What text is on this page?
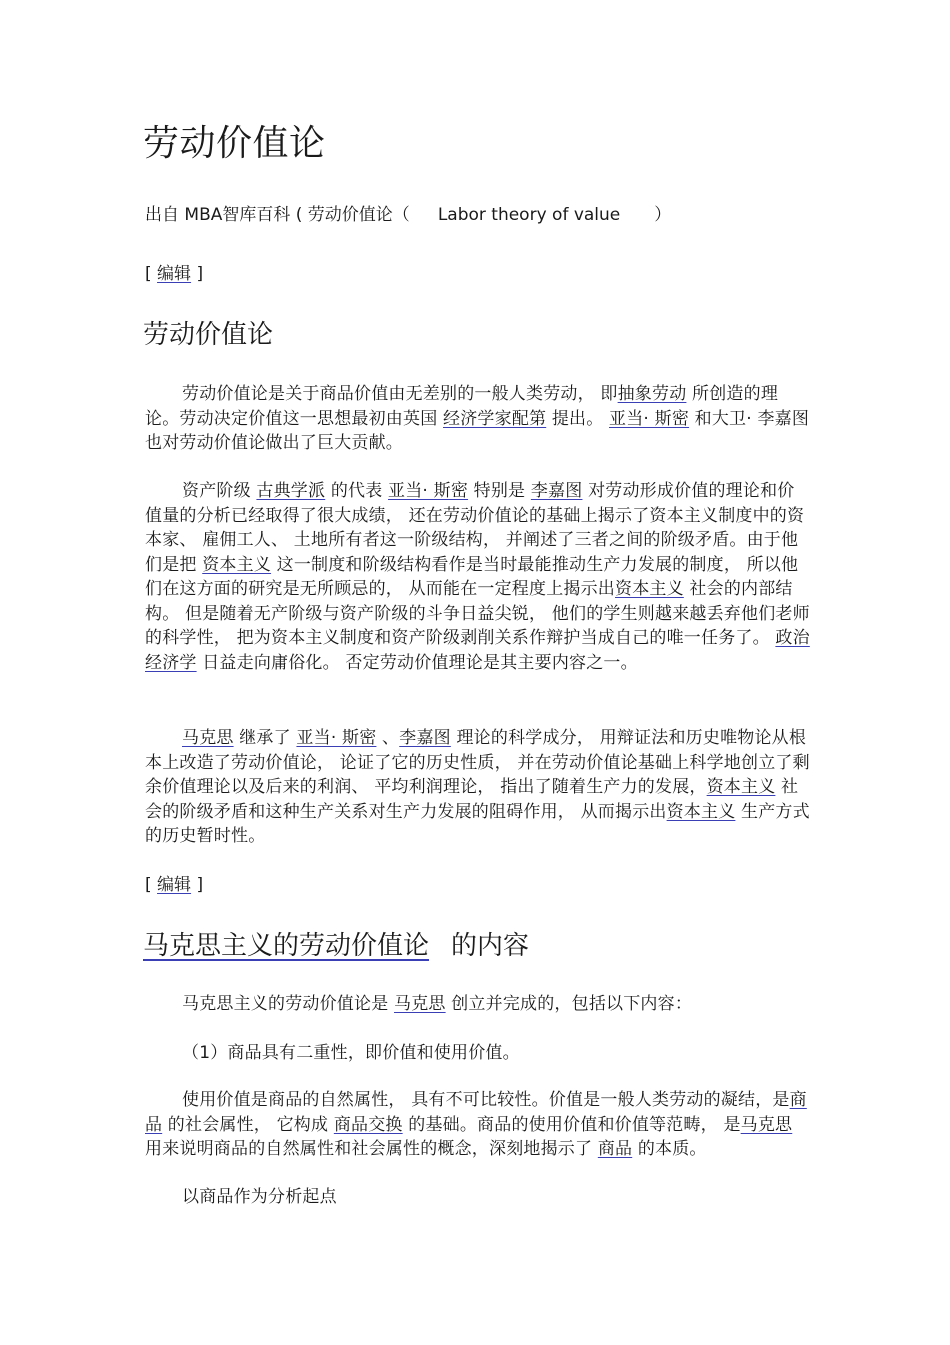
劳动价值论
出自 MBA智库百科 ( 劳动价值论（ Labor theory of value ）
[ 编辑 ]
劳动价值论
劳动价值论是关于商品价值由无差别的一般人类劳动， 即抽象劳动 所创造的理论。劳动决定价值这一思想最初由英国 经济学家配第 提出。 亚当· 斯密 和大卫· 李嘉图也对劳动价值论做出了巨大贡献。
资产阶级 古典学派 的代表 亚当· 斯密 特别是 李嘉图 对劳动形成价值的理论和价值量的分析已经取得了很大成绩， 还在劳动价值论的基础上揭示了资本主义制度中的资本家、 雇佣工人、 土地所有者这一阶级结构， 并阐述了三者之间的阶级矛盾。由于他们是把 资本主义 这一制度和阶级结构看作是当时最能推动生产力发展的制度， 所以他们在这方面的研究是无所顾忌的， 从而能在一定程度上揭示出资本主义 社会的内部结构。 但是随着无产阶级与资产阶级的斗争日益尖锐， 他们的学生则越来越丢弃他们老师的科学性， 把为资本主义制度和资产阶级剥削关系作辩护当成自己的唯一任务了。 政治经济学 日益走向庸俗化。 否定劳动价值理论是其主要内容之一。
马克思 继承了 亚当· 斯密 、李嘉图 理论的科学成分， 用辩证法和历史唯物论从根本上改造了劳动价值论， 论证了它的历史性质， 并在劳动价值论基础上科学地创立了剩余价值理论以及后来的利润、 平均利润理论， 指出了随着生产力的发展，资本主义 社会的阶级矛盾和这种生产关系对生产力发展的阻碍作用， 从而揭示出资本主义 生产方式的历史暂时性。
[ 编辑 ]
马克思主义的劳动价值论 的内容
马克思主义的劳动价值论是 马克思 创立并完成的，包括以下内容：
（1）商品具有二重性，即价值和使用价值。
使用价值是商品的自然属性， 具有不可比较性。价值是一般人类劳动的凝结，是商品 的社会属性， 它构成 商品交换 的基础。商品的使用价值和价值等范畴， 是马克思 用来说明商品的自然属性和社会属性的概念，深刻地揭示了 商品 的本质。
以商品作为分析起点
